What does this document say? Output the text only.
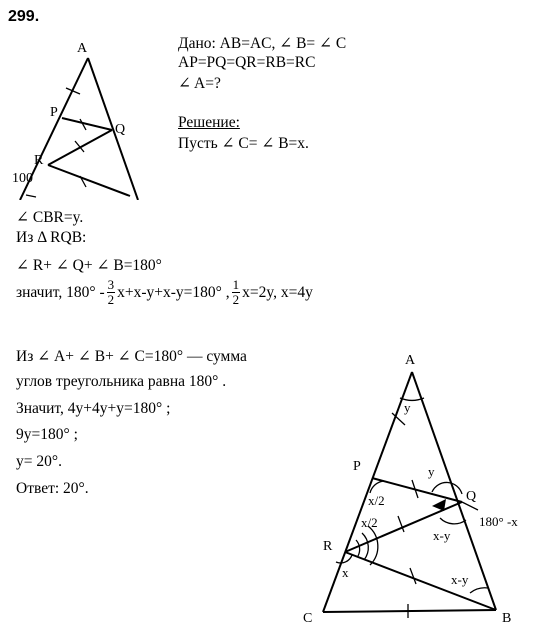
299.
A
P
Q
R
100
Дано: AB=AC, ∠ B= ∠ C
AP=PQ=QR=RB=RC
∠ A=?
Решение:
Пусть ∠ C= ∠ B=x.
∠ CBR=y.
Из Δ RQB:
∠ R+ ∠ Q+ ∠ B=180°
значит, $180^\circ - \frac{3}{2} x+x-y+x-y=180^\circ$ , $\frac{1}{2} x=2y$, x=4y
Из ∠ A+ ∠ B+ ∠ C=180° — сумма
углов треугольника равна 180° .
Значит, 4y+4y+y=180° ;
9y=180° ;
y= 20°.
Ответ: 20°.
A
P
Q
R
C	B
y
y
x/2
x/2
x
x-y
x-y
180° -x
